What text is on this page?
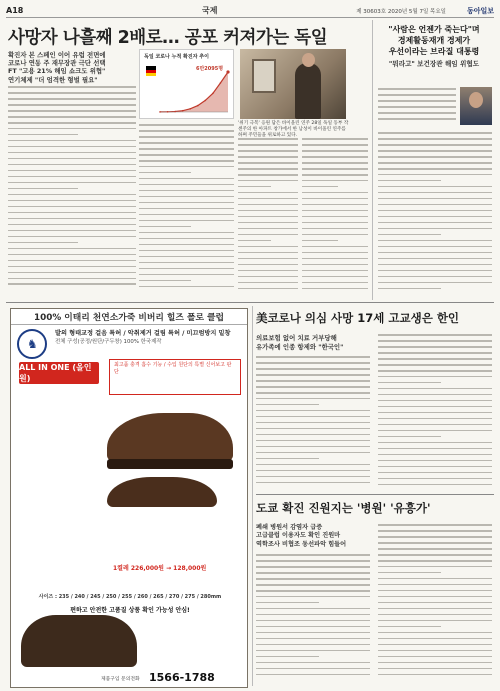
A18	국제	제 30603호 2020년 5월 7일 목요일	동아일보
사망자 나흘째 2배로… 공포 커져가는 독일
확진자 본 스페인 이어 유럽 전면에
코로나 연동 주 재무장관 극단 선택
FT "고용 21% 해임 쇼크도 위협"
연기체제 "더 엄격한 형벌 필요"
독일 코로나 누적 확진자 추이
6만2095명
'위기 극복' 응원 담은 바이올린 연주 28일 독일 동부 작센주의 한 아파트 창가에서 한 남성이 바이올린 연주를 하며 주민들을 위로하고 있다.
"사람은 언젠가 죽는다"며
경제활동재개 경제가
우선이라는 브라질 대통령
"뭐라고" 보건장관 해임 위협도
100% 이태리 천연소가죽 비버리 힐즈 폴로 클럽
♞
발의 형태교정 걸음 특허 / 악취제거 걸림 특허 / 미끄럼방지 밑창
전체 구성(공정/원단/구두창) 100% 한국제작
ALL IN ONE (올인원)
최고품 충격 흡수 기능 / 수입 원단의 특별 신어보고 판단
1켤레 226,000원 → 128,000원
사이즈 : 235 / 240 / 245 / 250 / 255 / 260 / 265 / 270 / 275 / 280mm
편하고 안전한 고품질 상품 확인 가능성 안심!
제품구입 문의전화 1566-1788
美코로나 의심 사망 17세 고교생은 한인
의료보험 없어 치료 거부당해
유가족에 인종 항제와 "한국인"
도쿄 확진 진원지는 '병원' '유흥가'
폐쇄 병원서 감염자 급증
고급클럽 이용자도 확인 진원마
역학조사 비협조 동선파악 힘들어
